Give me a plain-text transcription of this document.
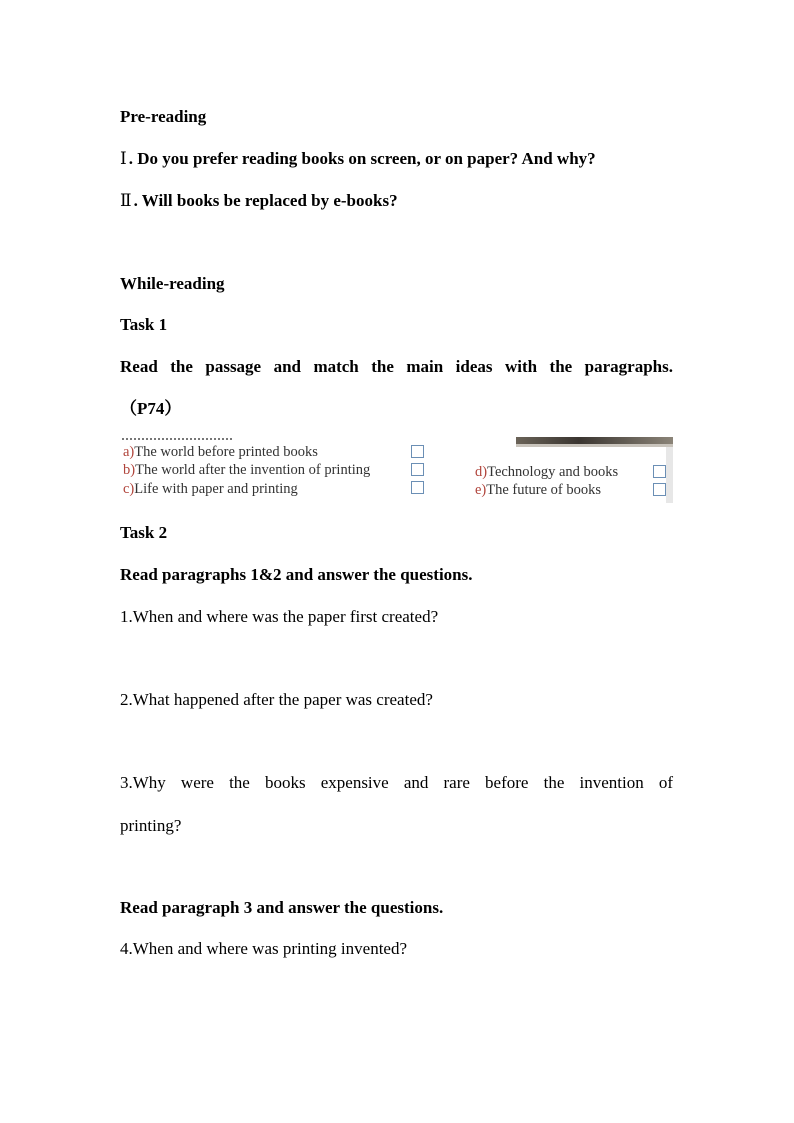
Pre-reading
Ⅰ . Do you prefer reading books on screen, or on paper? And why?
Ⅱ . Will books be replaced by e-books?
While-reading
Task 1
Read the passage and match the main ideas with the paragraphs.
（P74）
a)The world before printed books
b)The world after the invention of printing
c)Life with paper and printing
d)Technology and books
e)The future of books
Task 2
Read paragraphs 1&2 and answer the questions.
1.When and where was the paper first created?
2.What happened after the paper was created?
3.Why were the books expensive and rare before the invention of
printing?
Read paragraph 3 and answer the questions.
4.When and where was printing invented?
